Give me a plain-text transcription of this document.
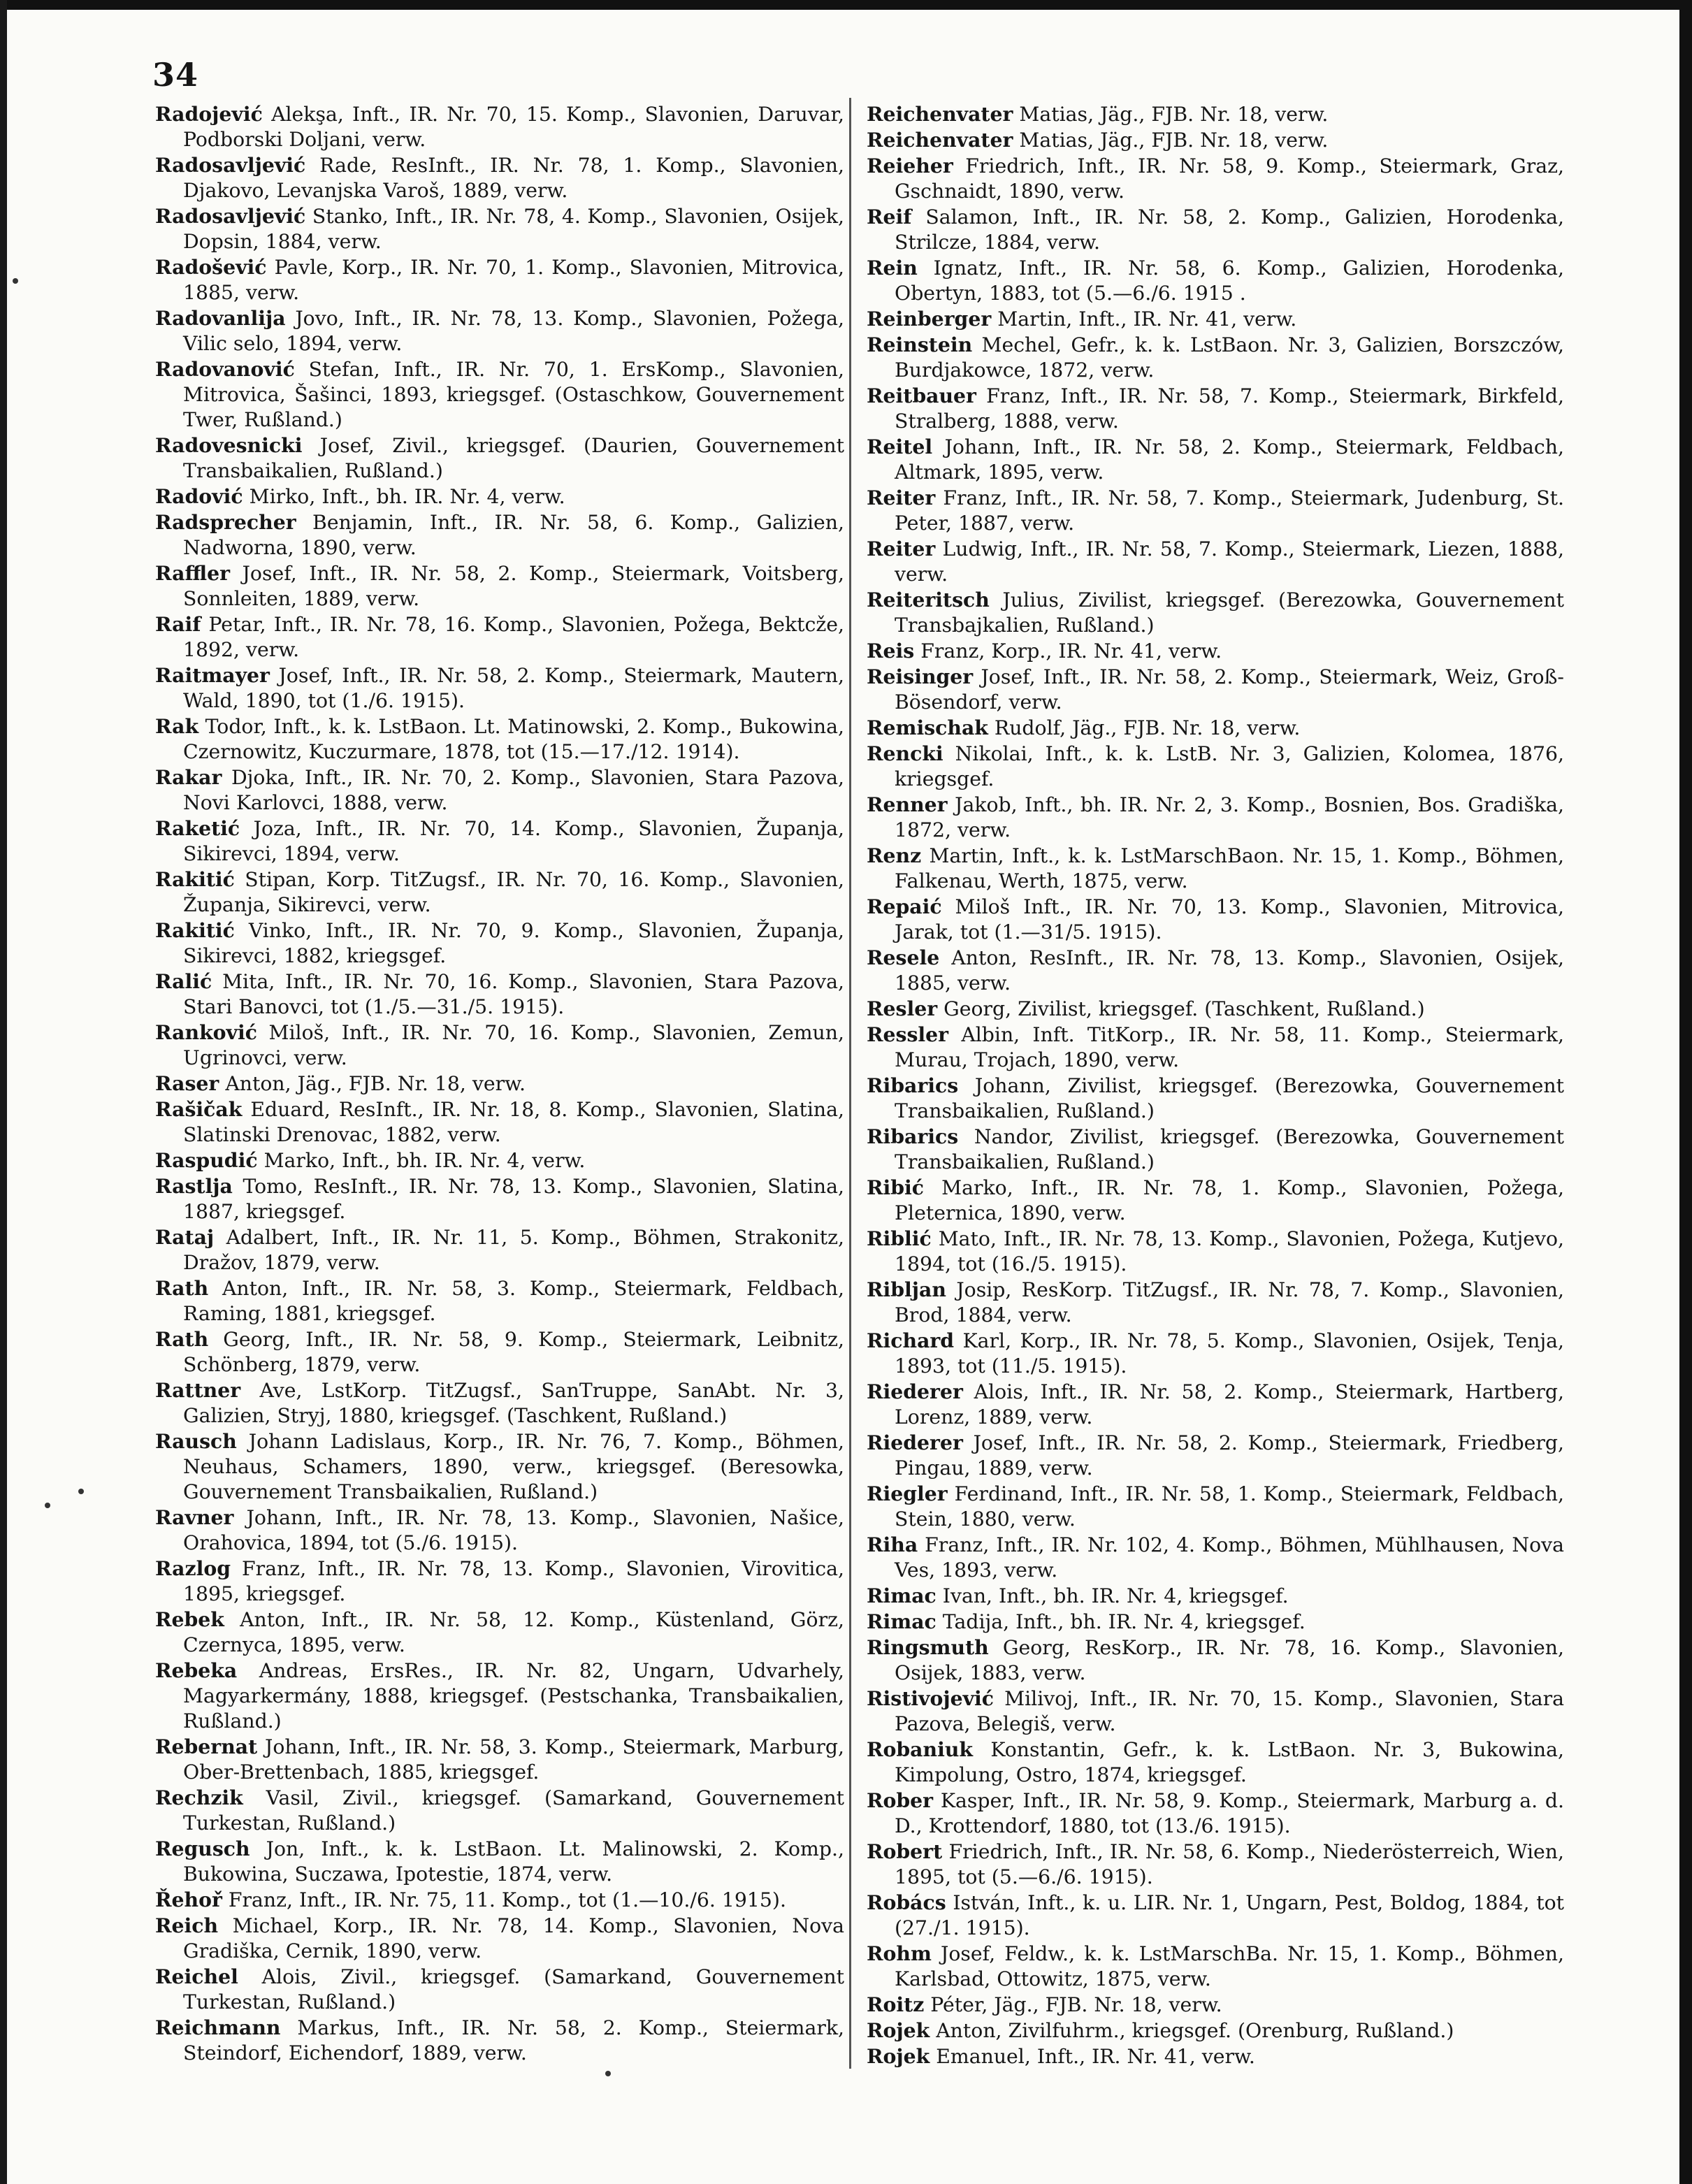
34

Radojević Alekşa, Inft., IR. Nr. 70, 15. Komp., Slavonien, Daruvar, Podborski Doljani, verw.

Radosavljević Rade, ResInft., IR. Nr. 78, 1. Komp., Slavonien, Djakovo, Levanjska Varoš, 1889, verw.

Radosavljević Stanko, Inft., IR. Nr. 78, 4. Komp., Slavonien, Osijek, Dopsin, 1884, verw.

Radošević Pavle, Korp., IR. Nr. 70, 1. Komp., Slavonien, Mitrovica, 1885, verw.

Radovanlija Jovo, Inft., IR. Nr. 78, 13. Komp., Slavonien, Požega, Vilic selo, 1894, verw.

Radovanović Stefan, Inft., IR. Nr. 70, 1. ErsKomp., Slavonien, Mitrovica, Šašinci, 1893, kriegsgef. (Ostaschkow, Gouvernement Twer, Rußland.)

Radovesnicki Josef, Zivil., kriegsgef. (Daurien, Gouvernement Transbaikalien, Rußland.)

Radović Mirko, Inft., bh. IR. Nr. 4, verw.

Radsprecher Benjamin, Inft., IR. Nr. 58, 6. Komp., Galizien, Nadworna, 1890, verw.

Raffler Josef, Inft., IR. Nr. 58, 2. Komp., Steiermark, Voitsberg, Sonnleiten, 1889, verw.

Raif Petar, Inft., IR. Nr. 78, 16. Komp., Slavonien, Požega, Bektcže, 1892, verw.

Raitmayer Josef, Inft., IR. Nr. 58, 2. Komp., Steiermark, Mautern, Wald, 1890, tot (1./6. 1915).

Rak Todor, Inft., k. k. LstBaon. Lt. Matinowski, 2. Komp., Bukowina, Czernowitz, Kuczurmare, 1878, tot (15.—17./12. 1914).

Rakar Djoka, Inft., IR. Nr. 70, 2. Komp., Slavonien, Stara Pazova, Novi Karlovci, 1888, verw.

Raketić Joza, Inft., IR. Nr. 70, 14. Komp., Slavonien, Županja, Sikirevci, 1894, verw.

Rakitić Stipan, Korp. TitZugsf., IR. Nr. 70, 16. Komp., Slavonien, Županja, Sikirevci, verw.

Rakitić Vinko, Inft., IR. Nr. 70, 9. Komp., Slavonien, Županja, Sikirevci, 1882, kriegsgef.

Ralić Mita, Inft., IR. Nr. 70, 16. Komp., Slavonien, Stara Pazova, Stari Banovci, tot (1./5.—31./5. 1915).

Ranković Miloš, Inft., IR. Nr. 70, 16. Komp., Slavonien, Zemun, Ugrinovci, verw.

Raser Anton, Jäg., FJB. Nr. 18, verw.

Rašičak Eduard, ResInft., IR. Nr. 18, 8. Komp., Slavonien, Slatina, Slatinski Drenovac, 1882, verw.

Raspudić Marko, Inft., bh. IR. Nr. 4, verw.

Rastlja Tomo, ResInft., IR. Nr. 78, 13. Komp., Slavonien, Slatina, 1887, kriegsgef.

Rataj Adalbert, Inft., IR. Nr. 11, 5. Komp., Böhmen, Strakonitz, Dražov, 1879, verw.

Rath Anton, Inft., IR. Nr. 58, 3. Komp., Steiermark, Feldbach, Raming, 1881, kriegsgef.

Rath Georg, Inft., IR. Nr. 58, 9. Komp., Steiermark, Leibnitz, Schönberg, 1879, verw.

Rattner Ave, LstKorp. TitZugsf., SanTruppe, SanAbt. Nr. 3, Galizien, Stryj, 1880, kriegsgef. (Taschkent, Rußland.)

Rausch Johann Ladislaus, Korp., IR. Nr. 76, 7. Komp., Böhmen, Neuhaus, Schamers, 1890, verw., kriegsgef. (Beresowka, Gouvernement Transbaikalien, Rußland.)

Ravner Johann, Inft., IR. Nr. 78, 13. Komp., Slavonien, Našice, Orahovica, 1894, tot (5./6. 1915).

Razlog Franz, Inft., IR. Nr. 78, 13. Komp., Slavonien, Virovitica, 1895, kriegsgef.

Rebek Anton, Inft., IR. Nr. 58, 12. Komp., Küstenland, Görz, Czernyca, 1895, verw.

Rebeka Andreas, ErsRes., IR. Nr. 82, Ungarn, Udvarhely, Magyarkermány, 1888, kriegsgef. (Pestschanka, Transbaikalien, Rußland.)

Rebernat Johann, Inft., IR. Nr. 58, 3. Komp., Steiermark, Marburg, Ober-Brettenbach, 1885, kriegsgef.

Rechzik Vasil, Zivil., kriegsgef. (Samarkand, Gouvernement Turkestan, Rußland.)

Regusch Jon, Inft., k. k. LstBaon. Lt. Malinowski, 2. Komp., Bukowina, Suczawa, Ipotestie, 1874, verw.

Řehoř Franz, Inft., IR. Nr. 75, 11. Komp., tot (1.—10./6. 1915).

Reich Michael, Korp., IR. Nr. 78, 14. Komp., Slavonien, Nova Gradiška, Cernik, 1890, verw.

Reichel Alois, Zivil., kriegsgef. (Samarkand, Gouvernement Turkestan, Rußland.)

Reichmann Markus, Inft., IR. Nr. 58, 2. Komp., Steiermark, Steindorf, Eichendorf, 1889, verw.

Reichenvater Matias, Jäg., FJB. Nr. 18, verw.

Reichenvater Matias, Jäg., FJB. Nr. 18, verw.

Reieher Friedrich, Inft., IR. Nr. 58, 9. Komp., Steiermark, Graz, Gschnaidt, 1890, verw.

Reif Salamon, Inft., IR. Nr. 58, 2. Komp., Galizien, Horodenka, Strilcze, 1884, verw.

Rein Ignatz, Inft., IR. Nr. 58, 6. Komp., Galizien, Horodenka, Obertyn, 1883, tot (5.—6./6. 1915 .

Reinberger Martin, Inft., IR. Nr. 41, verw.

Reinstein Mechel, Gefr., k. k. LstBaon. Nr. 3, Galizien, Borszczów, Burdjakowce, 1872, verw.

Reitbauer Franz, Inft., IR. Nr. 58, 7. Komp., Steiermark, Birkfeld, Stralberg, 1888, verw.

Reitel Johann, Inft., IR. Nr. 58, 2. Komp., Steiermark, Feldbach, Altmark, 1895, verw.

Reiter Franz, Inft., IR. Nr. 58, 7. Komp., Steiermark, Judenburg, St. Peter, 1887, verw.

Reiter Ludwig, Inft., IR. Nr. 58, 7. Komp., Steiermark, Liezen, 1888, verw.

Reiteritsch Julius, Zivilist, kriegsgef. (Berezowka, Gouvernement Transbajkalien, Rußland.)

Reis Franz, Korp., IR. Nr. 41, verw.

Reisinger Josef, Inft., IR. Nr. 58, 2. Komp., Steiermark, Weiz, Groß-Bösendorf, verw.

Remischak Rudolf, Jäg., FJB. Nr. 18, verw.

Rencki Nikolai, Inft., k. k. LstB. Nr. 3, Galizien, Kolomea, 1876, kriegsgef.

Renner Jakob, Inft., bh. IR. Nr. 2, 3. Komp., Bosnien, Bos. Gradiška, 1872, verw.

Renz Martin, Inft., k. k. LstMarschBaon. Nr. 15, 1. Komp., Böhmen, Falkenau, Werth, 1875, verw.

Repaić Miloš Inft., IR. Nr. 70, 13. Komp., Slavonien, Mitrovica, Jarak, tot (1.—31/5. 1915).

Resele Anton, ResInft., IR. Nr. 78, 13. Komp., Slavonien, Osijek, 1885, verw.

Resler Georg, Zivilist, kriegsgef. (Taschkent, Rußland.)

Ressler Albin, Inft. TitKorp., IR. Nr. 58, 11. Komp., Steiermark, Murau, Trojach, 1890, verw.

Ribarics Johann, Zivilist, kriegsgef. (Berezowka, Gouvernement Transbaikalien, Rußland.)

Ribarics Nandor, Zivilist, kriegsgef. (Berezowka, Gouvernement Transbaikalien, Rußland.)

Ribić Marko, Inft., IR. Nr. 78, 1. Komp., Slavonien, Požega, Pleternica, 1890, verw.

Riblić Mato, Inft., IR. Nr. 78, 13. Komp., Slavonien, Požega, Kutjevo, 1894, tot (16./5. 1915).

Ribljan Josip, ResKorp. TitZugsf., IR. Nr. 78, 7. Komp., Slavonien, Brod, 1884, verw.

Richard Karl, Korp., IR. Nr. 78, 5. Komp., Slavonien, Osijek, Tenja, 1893, tot (11./5. 1915).

Riederer Alois, Inft., IR. Nr. 58, 2. Komp., Steiermark, Hartberg, Lorenz, 1889, verw.

Riederer Josef, Inft., IR. Nr. 58, 2. Komp., Steiermark, Friedberg, Pingau, 1889, verw.

Riegler Ferdinand, Inft., IR. Nr. 58, 1. Komp., Steiermark, Feldbach, Stein, 1880, verw.

Riha Franz, Inft., IR. Nr. 102, 4. Komp., Böhmen, Mühlhausen, Nova Ves, 1893, verw.

Rimac Ivan, Inft., bh. IR. Nr. 4, kriegsgef.

Rimac Tadija, Inft., bh. IR. Nr. 4, kriegsgef.

Ringsmuth Georg, ResKorp., IR. Nr. 78, 16. Komp., Slavonien, Osijek, 1883, verw.

Ristivojević Milivoj, Inft., IR. Nr. 70, 15. Komp., Slavonien, Stara Pazova, Belegiš, verw.

Robaniuk Konstantin, Gefr., k. k. LstBaon. Nr. 3, Bukowina, Kimpolung, Ostro, 1874, kriegsgef.

Rober Kasper, Inft., IR. Nr. 58, 9. Komp., Steiermark, Marburg a. d. D., Krottendorf, 1880, tot (13./6. 1915).

Robert Friedrich, Inft., IR. Nr. 58, 6. Komp., Niederösterreich, Wien, 1895, tot (5.—6./6. 1915).

Robács István, Inft., k. u. LIR. Nr. 1, Ungarn, Pest, Boldog, 1884, tot (27./1. 1915).

Rohm Josef, Feldw., k. k. LstMarschBa. Nr. 15, 1. Komp., Böhmen, Karlsbad, Ottowitz, 1875, verw.

Roitz Péter, Jäg., FJB. Nr. 18, verw.

Rojek Anton, Zivilfuhrm., kriegsgef. (Orenburg, Rußland.)

Rojek Emanuel, Inft., IR. Nr. 41, verw.
